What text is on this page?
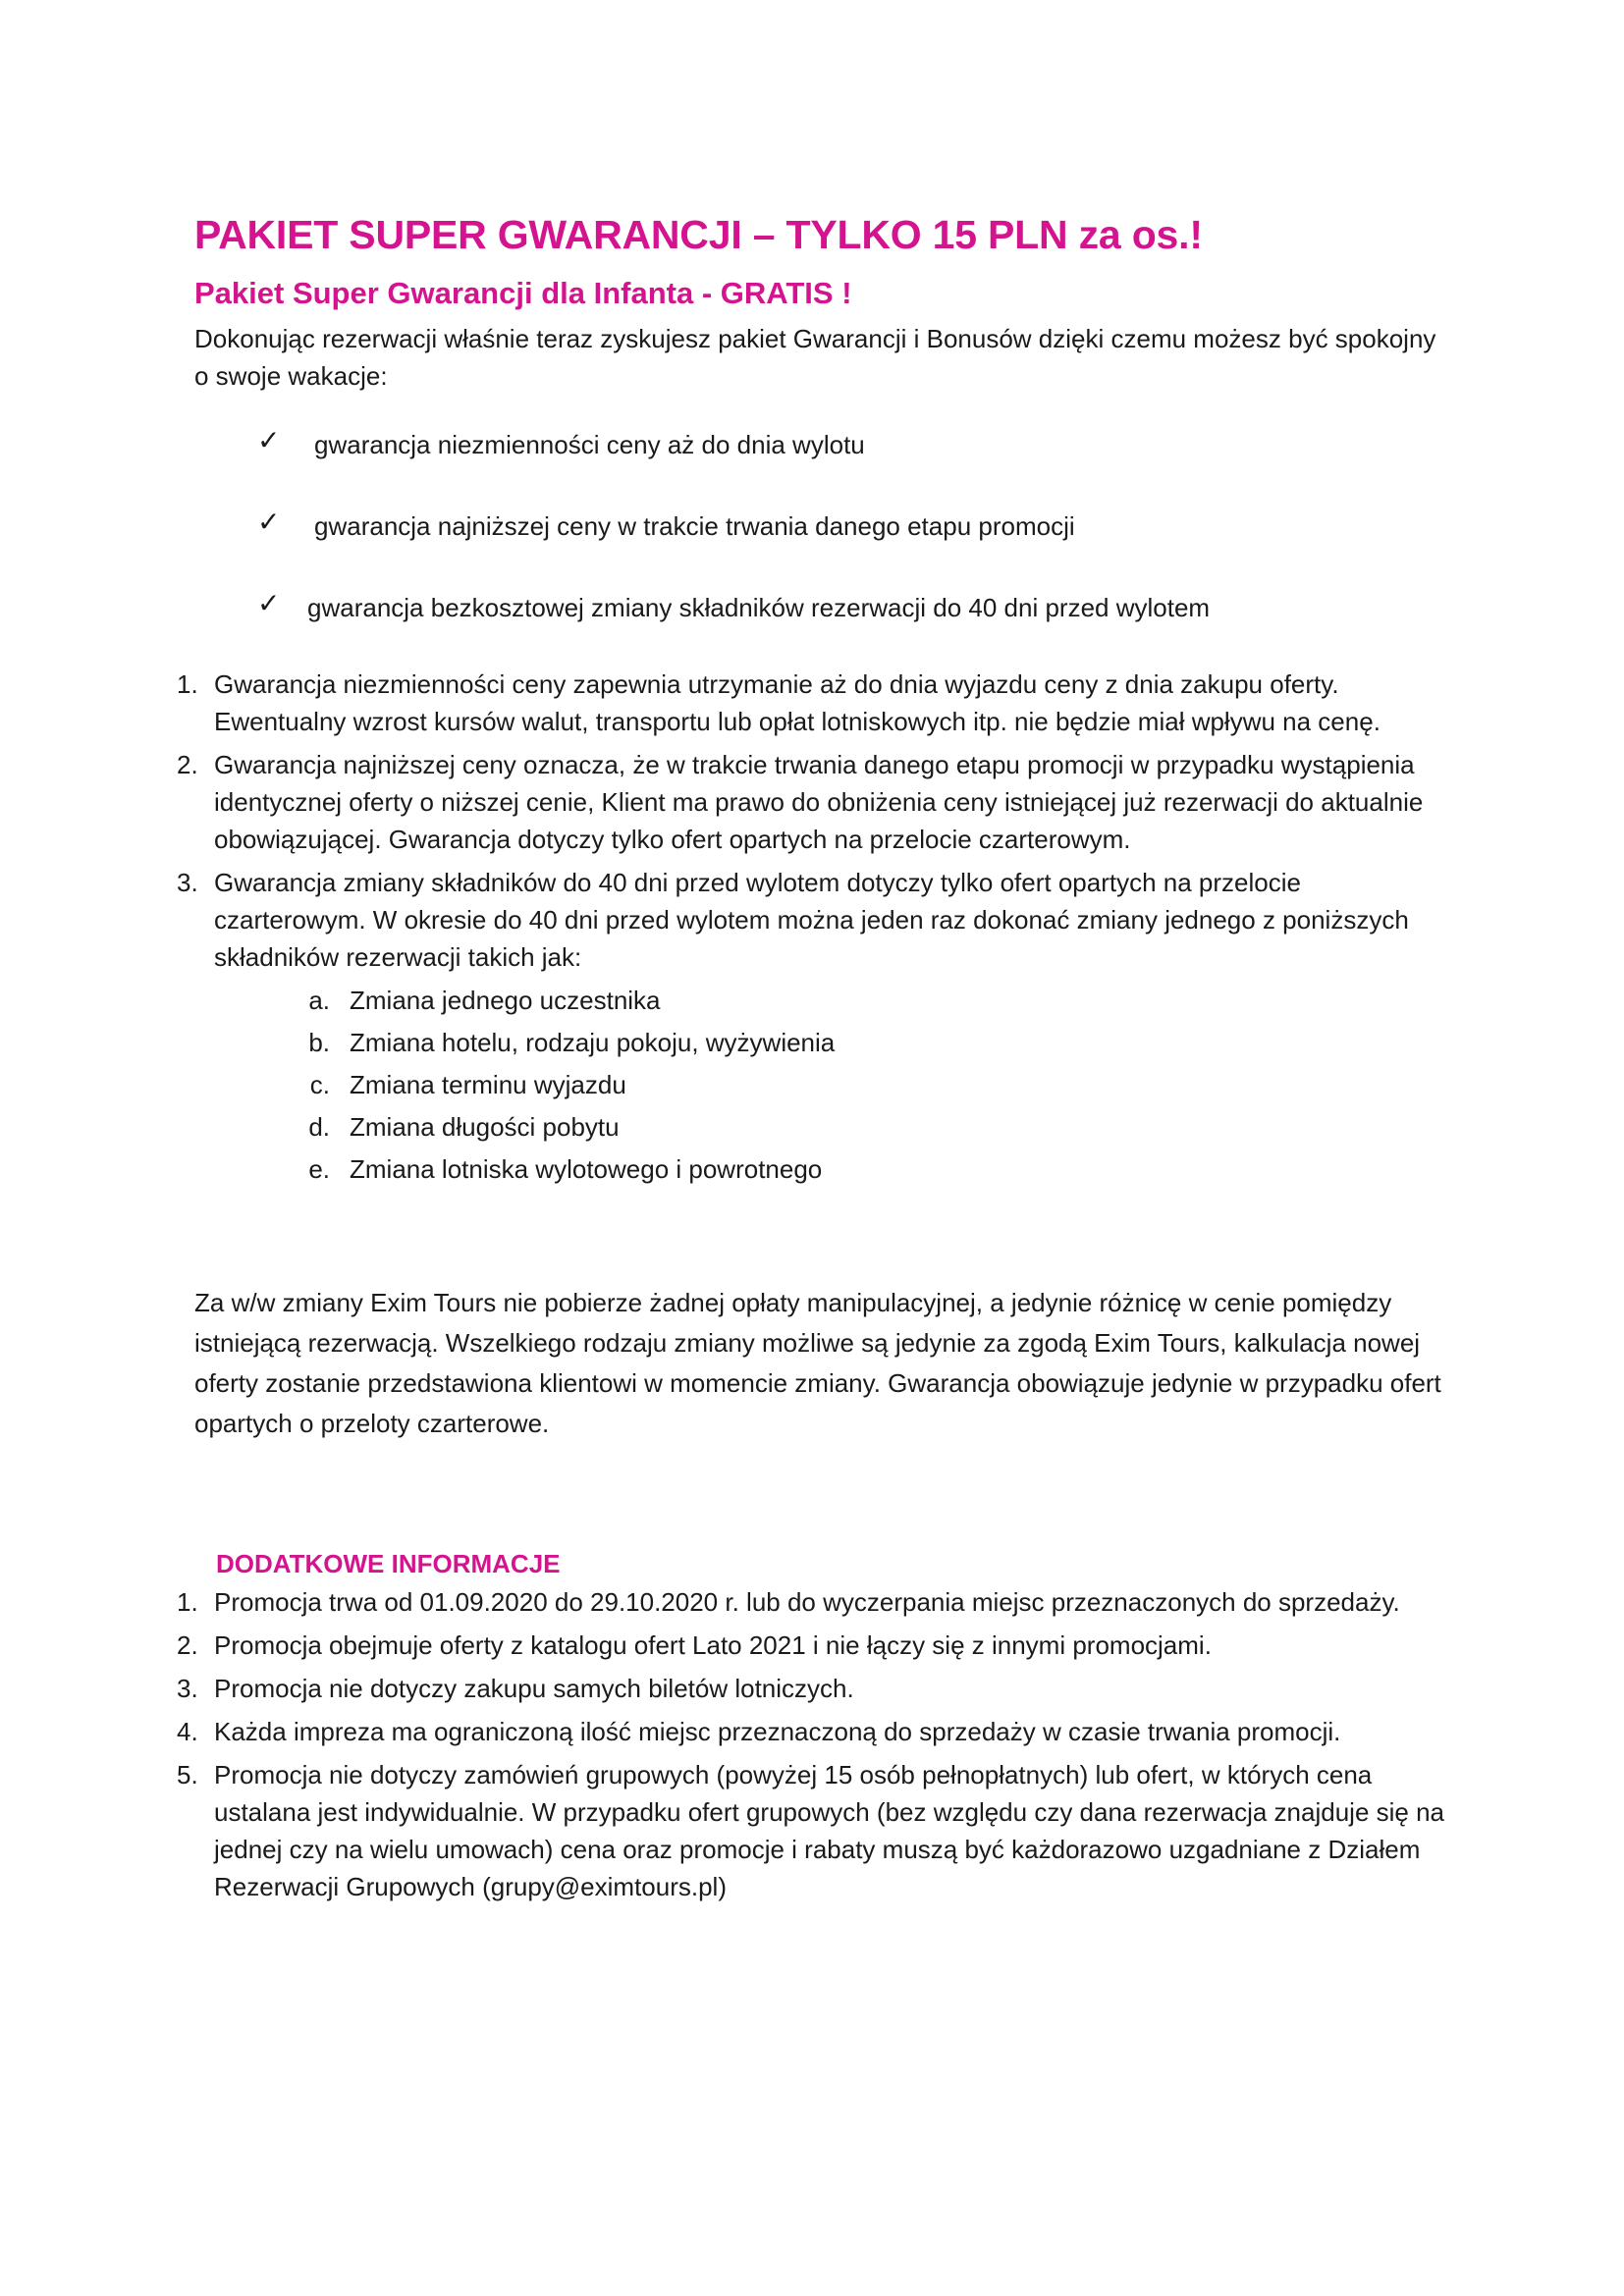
PAKIET SUPER GWARANCJI – TYLKO 15 PLN za os.!
Pakiet Super Gwarancji dla Infanta - GRATIS !
Dokonując rezerwacji właśnie teraz zyskujesz pakiet Gwarancji i Bonusów dzięki czemu możesz być spokojny o swoje wakacje:
✓ gwarancja niezmienności ceny aż do dnia wylotu
✓ gwarancja najniższej ceny w trakcie trwania danego etapu promocji
✓ gwarancja bezkosztowej zmiany składników rezerwacji do 40 dni przed wylotem
1. Gwarancja niezmienności ceny zapewnia utrzymanie aż do dnia wyjazdu ceny z dnia zakupu oferty. Ewentualny wzrost kursów walut, transportu lub opłat lotniskowych itp. nie będzie miał wpływu na cenę.
2. Gwarancja najniższej ceny oznacza, że w trakcie trwania danego etapu promocji w przypadku wystąpienia identycznej oferty o niższej cenie, Klient ma prawo do obniżenia ceny istniejącej już rezerwacji do aktualnie obowiązującej. Gwarancja dotyczy tylko ofert opartych na przelocie czarterowym.
3. Gwarancja zmiany składników do 40 dni przed wylotem dotyczy tylko ofert opartych na przelocie czarterowym. W okresie do 40 dni przed wylotem można jeden raz dokonać zmiany jednego z poniższych składników rezerwacji takich jak:
a. Zmiana jednego uczestnika
b. Zmiana hotelu, rodzaju pokoju, wyżywienia
c. Zmiana terminu wyjazdu
d. Zmiana długości pobytu
e. Zmiana lotniska wylotowego i powrotnego
Za w/w zmiany Exim Tours nie pobierze żadnej opłaty manipulacyjnej, a jedynie różnicę w cenie pomiędzy istniejącą rezerwacją. Wszelkiego rodzaju zmiany możliwe są jedynie za zgodą Exim Tours, kalkulacja nowej oferty zostanie przedstawiona klientowi w momencie zmiany. Gwarancja obowiązuje jedynie w przypadku ofert opartych o przeloty czarterowe.
DODATKOWE INFORMACJE
1. Promocja trwa od 01.09.2020 do 29.10.2020 r. lub do wyczerpania miejsc przeznaczonych do sprzedaży.
2. Promocja obejmuje oferty z katalogu ofert Lato 2021 i nie łączy się z innymi promocjami.
3. Promocja nie dotyczy zakupu samych biletów lotniczych.
4. Każda impreza ma ograniczoną ilość miejsc przeznaczoną do sprzedaży w czasie trwania promocji.
5. Promocja nie dotyczy zamówień grupowych (powyżej 15 osób pełnopłatnych) lub ofert, w których cena ustalana jest indywidualnie. W przypadku ofert grupowych (bez względu czy dana rezerwacja znajduje się na jednej czy na wielu umowach) cena oraz promocje i rabaty muszą być każdorazowo uzgadniane z Działem Rezerwacji Grupowych (grupy@eximtours.pl)
